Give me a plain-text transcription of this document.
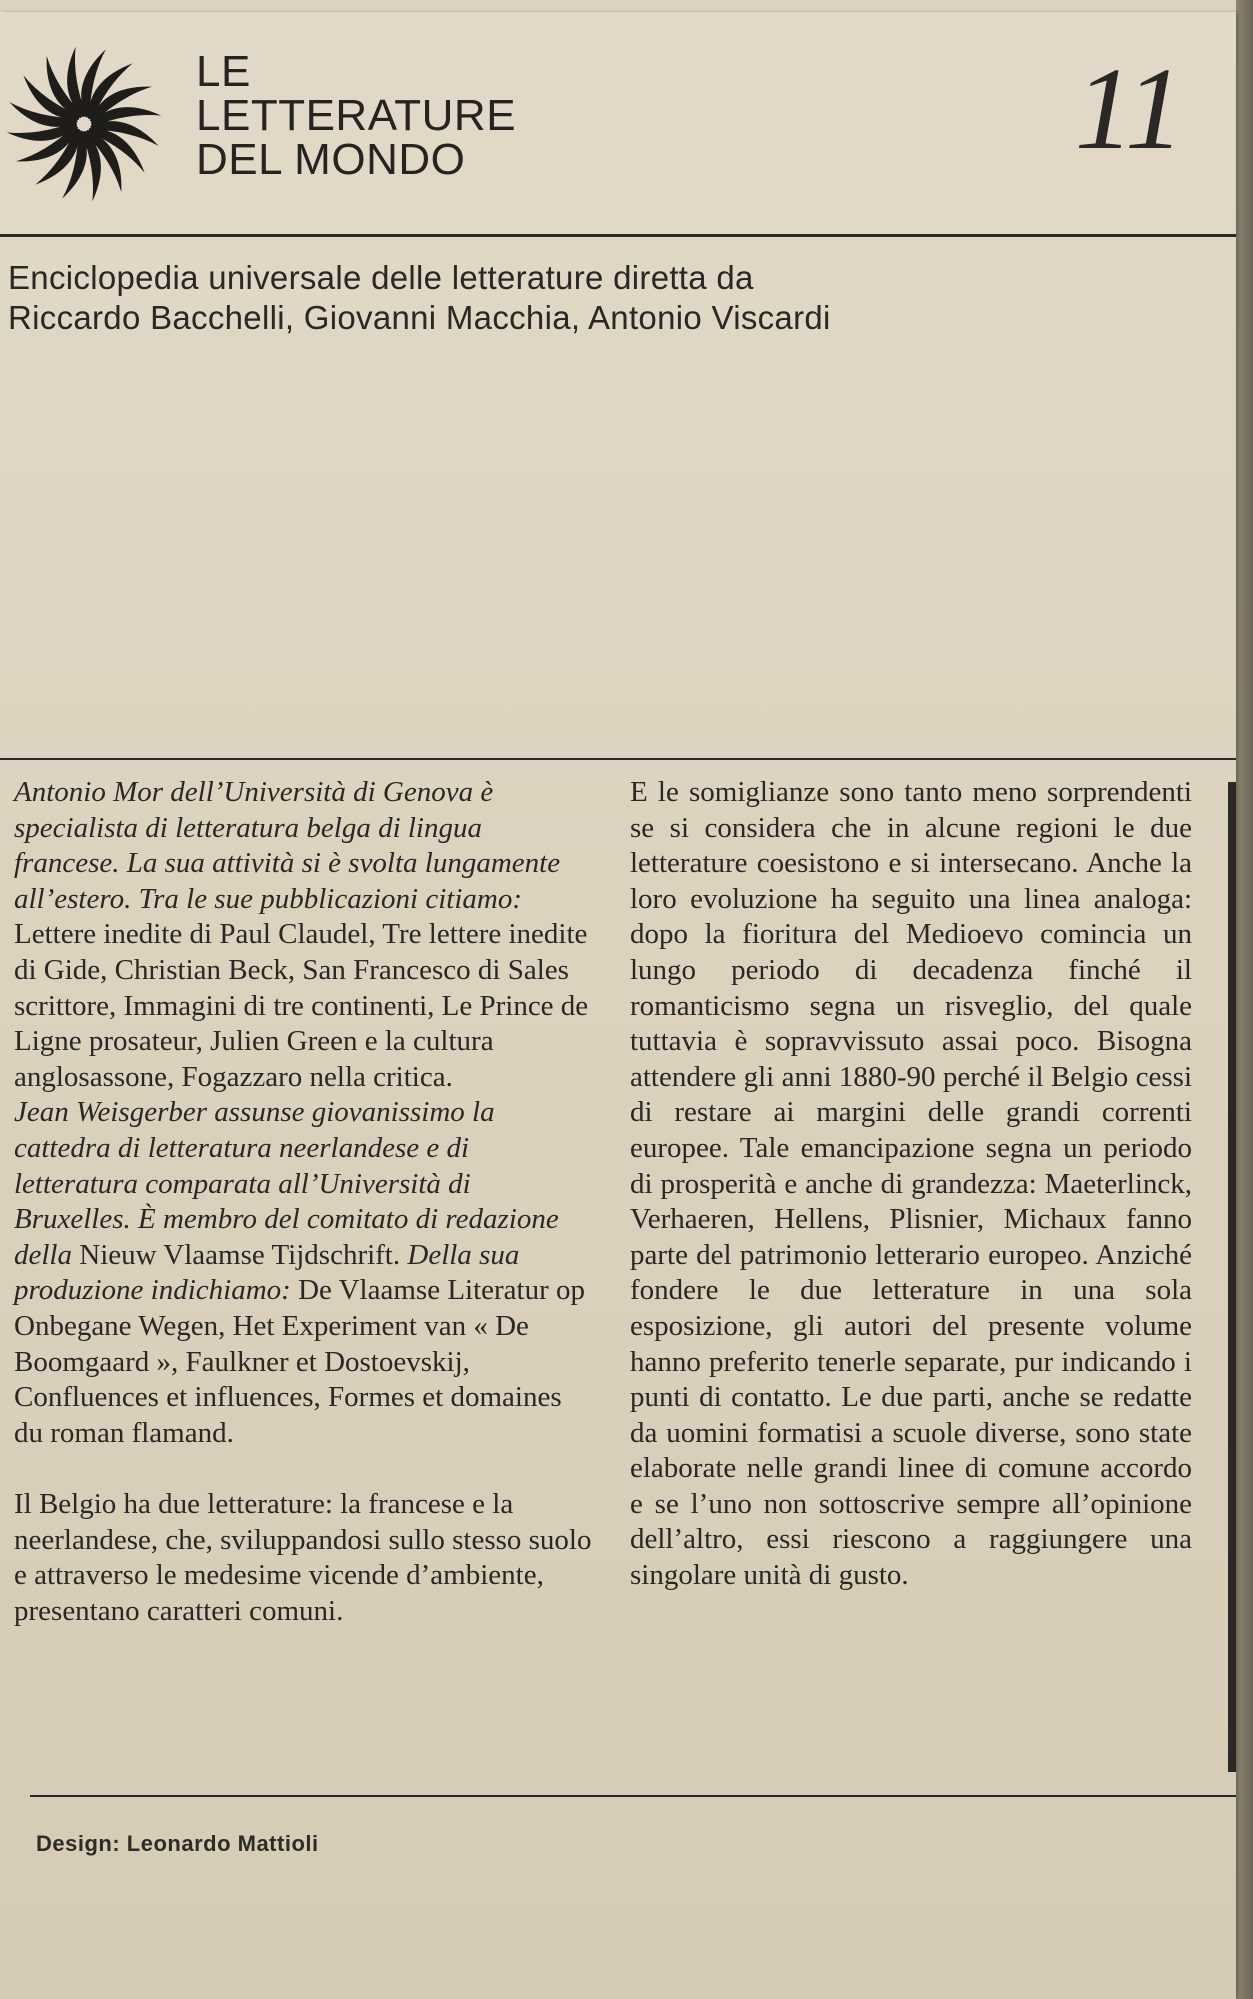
LE
LETTERATURE
DEL MONDO	11
Enciclopedia universale delle letterature diretta da
Riccardo Bacchelli, Giovanni Macchia, Antonio Viscardi

Antonio Mor dell’Università di Genova è specialista di letteratura belga di lingua francese. La sua attività si è svolta lungamente all’estero. Tra le sue pubblicazioni citiamo: Lettere inedite di Paul Claudel, Tre lettere inedite di Gide, Christian Beck, San Francesco di Sales scrittore, Immagini di tre continenti, Le Prince de Ligne prosateur, Julien Green e la cultura anglosassone, Fogazzaro nella critica.

Jean Weisgerber assunse giovanissimo la cattedra di letteratura neerlandese e di letteratura comparata all’Università di Bruxelles. È membro del comitato di redazione della Nieuw Vlaamse Tijdschrift. Della sua produzione indichiamo: De Vlaamse Literatur op Onbegane Wegen, Het Experiment van « De Boomgaard », Faulkner et Dostoevskij, Confluences et influences, Formes et domaines du roman flamand.

Il Belgio ha due letterature: la francese e la neerlandese, che, sviluppandosi sullo stesso suolo e attraverso le medesime vicende d’ambiente, presentano caratteri comuni.

E le somiglianze sono tanto meno sorprendenti se si considera che in alcune regioni le due letterature coesistono e si intersecano. Anche la loro evoluzione ha seguito una linea analoga: dopo la fioritura del Medioevo comincia un lungo periodo di decadenza finché il romanticismo segna un risveglio, del quale tuttavia è sopravvissuto assai poco. Bisogna attendere gli anni 1880-90 perché il Belgio cessi di restare ai margini delle grandi correnti europee. Tale emancipazione segna un periodo di prosperità e anche di grandezza: Maeterlinck, Verhaeren, Hellens, Plisnier, Michaux fanno parte del patrimonio letterario europeo. Anziché fondere le due letterature in una sola esposizione, gli autori del presente volume hanno preferito tenerle separate, pur indicando i punti di contatto. Le due parti, anche se redatte da uomini formatisi a scuole diverse, sono state elaborate nelle grandi linee di comune accordo e se l’uno non sottoscrive sempre all’opinione dell’altro, essi riescono a raggiungere una singolare unità di gusto.

Design: Leonardo Mattioli
